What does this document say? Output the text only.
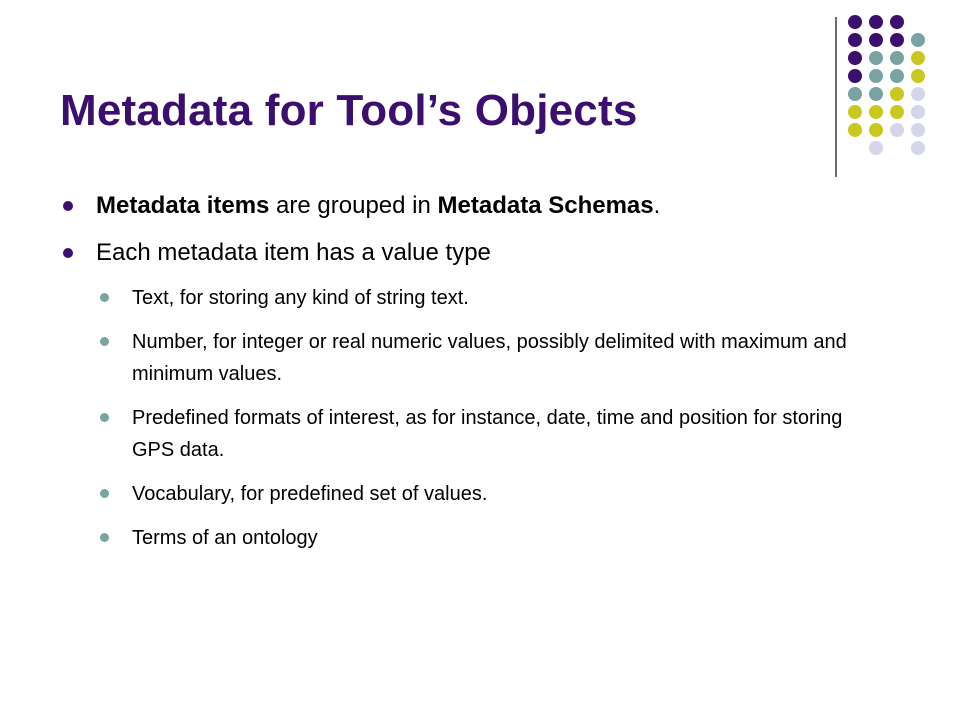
Metadata for Tool’s Objects
Metadata items are grouped in Metadata Schemas.
Each metadata item has a value type
Text, for storing any kind of string text.
Number, for integer or real numeric values, possibly delimited with maximum and minimum values.
Predefined formats of interest, as for instance, date, time and position for storing GPS data.
Vocabulary, for predefined set of values.
Terms of an ontology
